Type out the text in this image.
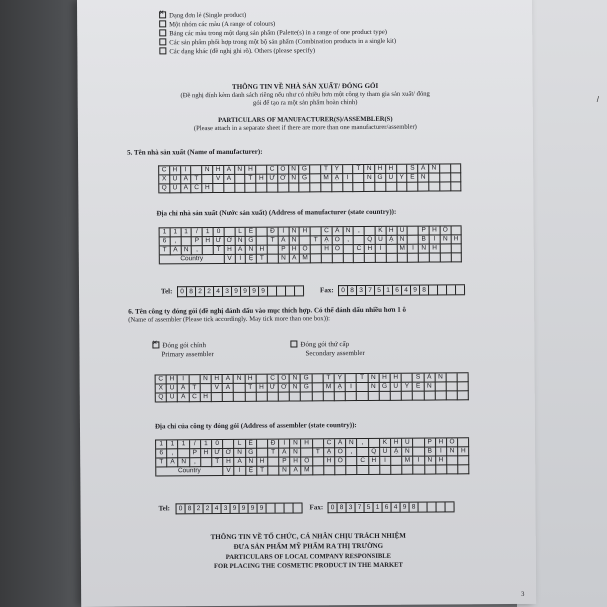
/
✕Dạng đơn lẻ (Single product)
Một nhóm các màu (A range of colours)
Bảng các màu trong một dạng sản phẩm (Palette(s) in a range of one product type)
Các sản phẩm phối hợp trong một bộ sản phẩm (Combination products in a single kit)
Các dạng khác (đề nghị ghi rõ). Others (please specify)
THÔNG TIN VỀ NHÀ SẢN XUẤT/ ĐÓNG GÓI
(Đề nghị đính kèm danh sách riêng nếu như có nhiều hơn một công ty tham gia sản xuất/ đóng
gói để tạo ra một sản phẩm hoàn chỉnh)
PARTICULARS OF MANUFACTURER(S)/ASSEMBLER(S)
(Please attach in a separate sheet if there are more than one manufacturer/assembler)
5. Tên nhà sản xuất (Name of manufacturer):
C H	I	N H Á N H	C Ô N G	T	Y	T N H H	S Ả N
X U Ấ	T	V À	T H Ư Ơ N G	M Ạ	I	N G U Y Ê N
Q U Á C H
Địa chỉ nhà sản xuất (Nước sản xuất) (Address of manufacturer (state country)):
1	1	1	/	1	0	L	Ê	Đ	Ì	N H	C Ẩ N	,	K H U	P H Ố
6	,	P H Ư Ờ N G	T	Â N	T	Ạ O	,	Q U Ậ N	B	Ì	N H
T	Â N	,	T H À N H	P H Ố	H Ồ	C H	Í	M	I	N H
Country	V	I	Ệ	T	N A M
Tel:	0 8 2 2 4 3 9 9 9 9	Fax:	0 8 3 7 5 1 6 4 9 8
6. Tên công ty đóng gói (đề nghị đánh dấu vào mục thích hợp. Có thể đánh dấu nhiều hơn 1 ô
(Name of assembler (Please tick accordingly. May tick more than one box)):
✕Đóng gói chính
Primary assembler
Đóng gói thứ cấp
Secondary assembler
C H	I	N H	Á	N H	C Ô N G	T	Y	T	N H H	S	Ả	N
X	U	Ấ	T	V	À	T	H Ư Ơ N G	M Ạ	I	N G U	Y	Ê	N
Q U	Á	C H
Địa chỉ của công ty đóng gói (Address of assembler (state country)):
1	1	1	/	1	0	L	Ê	Đ	Ì	N H	C	Ẩ	N	,	K	H U	P	H Ố
6	,	P	H Ư Ờ N G	T	Â	N	T	Ạ O	,	Q U	Ậ	N	B	Ì	N H
T	Â	N	,	T	H	À	N H	P	H Ố	H Ồ	C H	Í	M	I	N H
Country	V	I	Ệ	T	N	A M
Tel:	0 8 2 2 4 3 9 9 9 9	Fax:	0 8 3 7 5 1 6 4 9 8
THÔNG TIN VỀ TỔ CHỨC, CÁ NHÂN CHỊU TRÁCH NHIỆM
ĐƯA SẢN PHẨM MỸ PHẨM RA THỊ TRƯỜNG
PARTICULARS OF LOCAL COMPANY RESPONSIBLE
FOR PLACING THE COSMETIC PRODUCT IN THE MARKET
3
